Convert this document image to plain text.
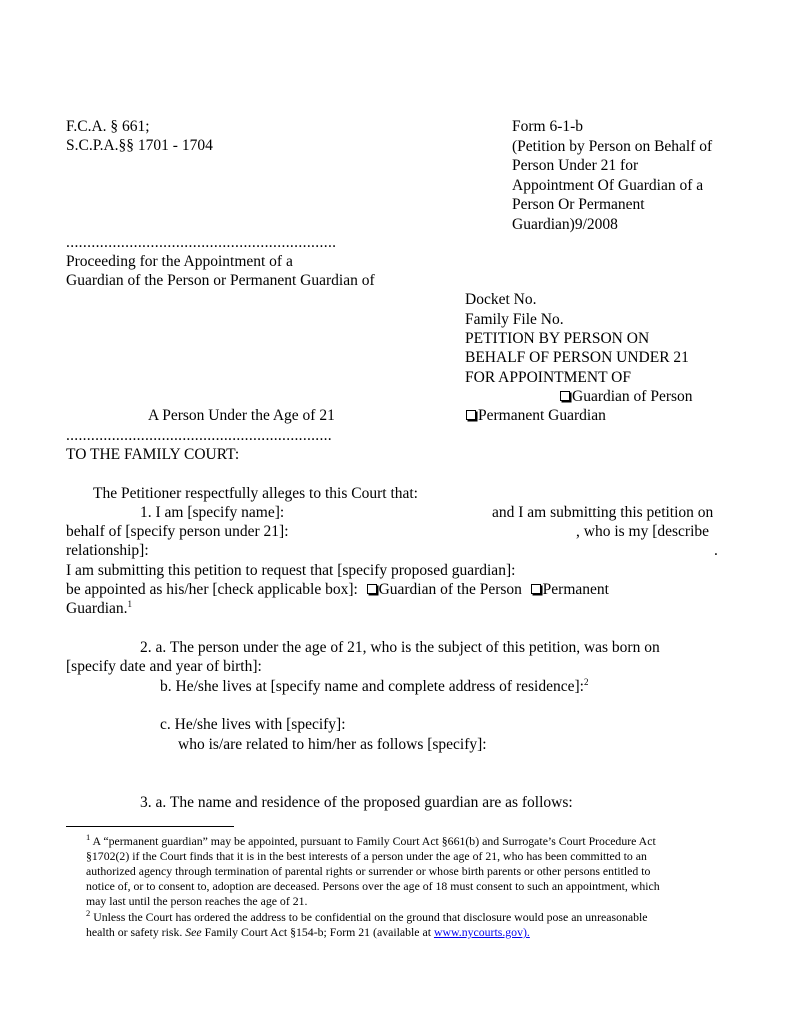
F.C.A. § 661;
S.C.P.A.§§ 1701 - 1704
Form 6-1-b
(Petition by Person on Behalf of
Person Under 21 for
Appointment Of Guardian of a
Person Or Permanent
Guardian)9/2008
................................................................
Proceeding for the Appointment of a
Guardian of the Person or Permanent Guardian of
Docket No.
Family File No.
PETITION BY PERSON ON
BEHALF OF PERSON UNDER 21
FOR APPOINTMENT OF
Guardian of Person
A Person Under the Age of 21	Permanent Guardian
................................................................
TO THE FAMILY COURT:
The Petitioner respectfully alleges to this Court that:
1. I am [specify name]:	and I am submitting this petition on
behalf of [specify person under 21]:	, who is my [describe
relationship]:	.
I am submitting this petition to request that [specify proposed guardian]:
be appointed as his/her [check applicable box]: Guardian of the Person Permanent
Guardian.$^1$
2. a. The person under the age of 21, who is the subject of this petition, was born on
[specify date and year of birth]:
b. He/she lives at [specify name and complete address of residence]:$^2$
c. He/she lives with [specify]:
who is/are related to him/her as follows [specify]:
3. a. The name and residence of the proposed guardian are as follows:
$^1$ A “permanent guardian” may be appointed, pursuant to Family Court Act §661(b) and Surrogate’s Court Procedure Act
§1702(2) if the Court finds that it is in the best interests of a person under the age of 21, who has been committed to an
authorized agency through termination of parental rights or surrender or whose birth parents or other persons entitled to
notice of, or to consent to, adoption are deceased. Persons over the age of 18 must consent to such an appointment, which
may last until the person reaches the age of 21.
$^2$ Unless the Court has ordered the address to be confidential on the ground that disclosure would pose an unreasonable
health or safety risk. See Family Court Act §154-b; Form 21 (available at www.nycourts.gov).
